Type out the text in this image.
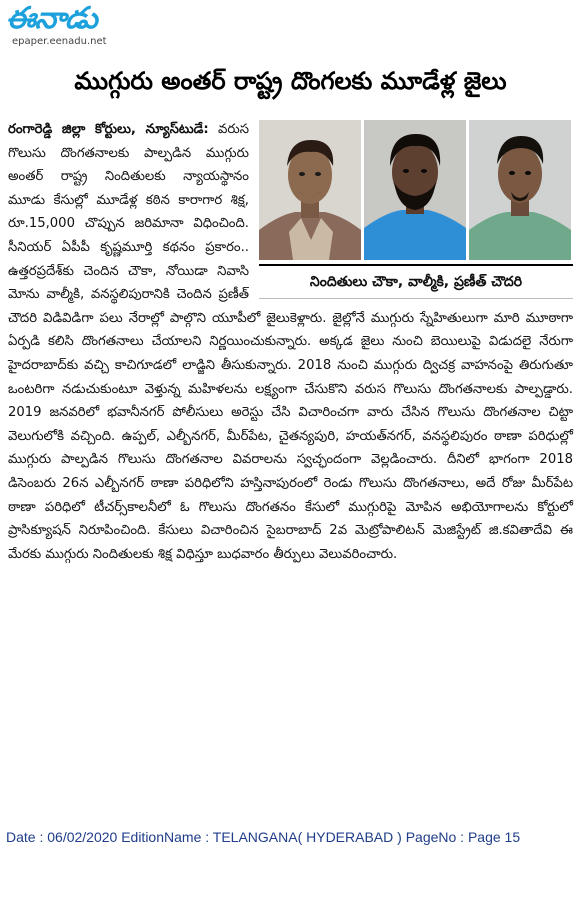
ఈనాడు
epaper.eenadu.net
ముగ్గురు అంతర్ రాష్ట్ర దొంగలకు మూడేళ్ల జైలు
నిందితులు చౌకా, వాల్మీకి, ప్రణీత్ చౌదరి

రంగారెడ్డి జిల్లా కోర్టులు, న్యూస్‌టుడే: వరుస గొలుసు దొంగతనాలకు పాల్పడిన ముగ్గురు అంతర్ రాష్ట్ర నిందితులకు న్యాయస్థానం మూడు కేసుల్లో మూడేళ్ల కఠిన కారాగార శిక్ష, రూ.15,000 చొప్పున జరిమానా విధించింది. సీనియర్ ఏపీపీ కృష్ణమూర్తి కథనం ప్రకారం.. ఉత్తరప్రదేశ్‌కు చెందిన చౌకా, నోయిడా నివాసి మోను వాల్మీకి, వనస్థలిపురానికి చెందిన ప్రణీత్ చౌదరి విడివిడిగా పలు నేరాల్లో పాల్గొని యూపీలో జైలుకెళ్లారు. జైల్లోనే ముగ్గురు స్నేహితులుగా మారి మూఠాగా ఏర్పడి కలిసి దొంగతనాలు చేయాలని నిర్ణయించుకున్నారు. అక్కడ జైలు నుంచి బెయిలుపై విడుదలై నేరుగా హైదరాబాద్‌కు వచ్చి కాచిగూడలో లాడ్జిని తీసుకున్నారు. 2018 నుంచి ముగ్గురు ద్విచక్ర వాహనంపై తిరుగుతూ ఒంటరిగా నడుచుకుంటూ వెళ్తున్న మహిళలను లక్ష్యంగా చేసుకొని వరుస గొలుసు దొంగతనాలకు పాల్పడ్డారు. 2019 జనవరిలో భవానీనగర్ పోలీసులు అరెస్టు చేసి విచారించగా వారు చేసిన గొలుసు దొంగతనాల చిట్టా వెలుగులోకి వచ్చింది. ఉప్పల్, ఎల్బీనగర్, మీర్‌పేట, చైతన్యపురి, హయత్‌నగర్, వనస్థలిపురం ఠాణా పరిధుల్లో ముగ్గురు పాల్పడిన గొలుసు దొంగతనాల వివరాలను స్వచ్ఛందంగా వెల్లడించారు. దీనిలో భాగంగా 2018 డిసెంబరు 26న ఎల్బీనగర్ ఠాణా పరిధిలోని హస్తినాపురంలో రెండు గొలుసు దొంగతనాలు, అదే రోజు మీర్‌పేట ఠాణా పరిధిలో టీచర్స్‌కాలనీలో ఓ గొలుసు దొంగతనం కేసులో ముగ్గురిపై మోపిన అభియోగాలను కోర్టులో ప్రాసిక్యూషన్ నిరూపించింది. కేసులు విచారించిన సైబరాబాద్ 2వ మెట్రోపాలిటన్ మెజిస్ట్రేట్ జి.కవితాదేవి ఈ మేరకు ముగ్గురు నిందితులకు శిక్ష విధిస్తూ బుధవారం తీర్పులు వెలువరించారు.

Date : 06/02/2020 EditionName : TELANGANA( HYDERABAD ) PageNo : Page 15
